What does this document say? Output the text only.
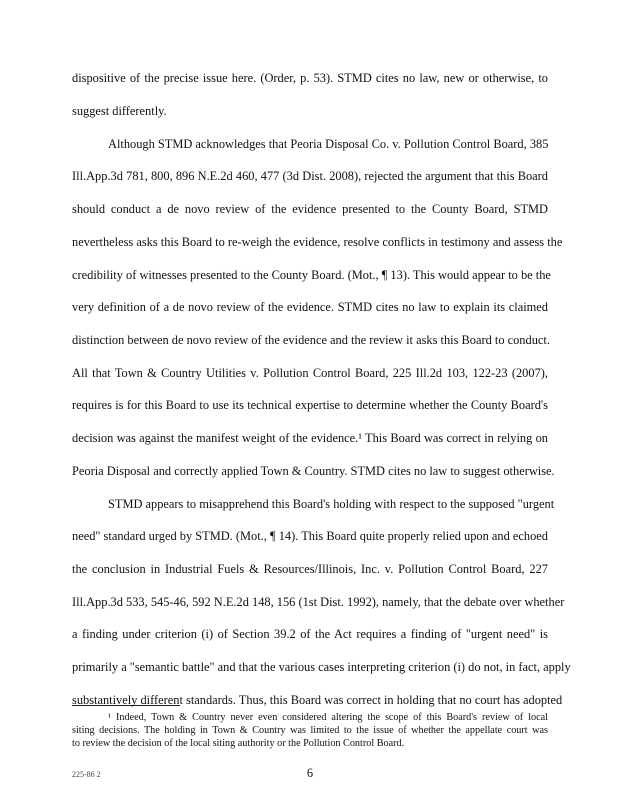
dispositive of the precise issue here. (Order, p. 53). STMD cites no law, new or otherwise, to
suggest differently.
Although STMD acknowledges that Peoria Disposal Co. v. Pollution Control Board, 385
Ill.App.3d 781, 800, 896 N.E.2d 460, 477 (3d Dist. 2008), rejected the argument that this Board
should conduct a de novo review of the evidence presented to the County Board, STMD
nevertheless asks this Board to re-weigh the evidence, resolve conflicts in testimony and assess the
credibility of witnesses presented to the County Board. (Mot., ¶ 13). This would appear to be the
very definition of a de novo review of the evidence. STMD cites no law to explain its claimed
distinction between de novo review of the evidence and the review it asks this Board to conduct.
All that Town & Country Utilities v. Pollution Control Board, 225 Ill.2d 103, 122-23 (2007),
requires is for this Board to use its technical expertise to determine whether the County Board's
decision was against the manifest weight of the evidence.¹ This Board was correct in relying on
Peoria Disposal and correctly applied Town & Country. STMD cites no law to suggest otherwise.
STMD appears to misapprehend this Board's holding with respect to the supposed "urgent
need" standard urged by STMD. (Mot., ¶ 14). This Board quite properly relied upon and echoed
the conclusion in Industrial Fuels & Resources/Illinois, Inc. v. Pollution Control Board, 227
Ill.App.3d 533, 545-46, 592 N.E.2d 148, 156 (1st Dist. 1992), namely, that the debate over whether
a finding under criterion (i) of Section 39.2 of the Act requires a finding of "urgent need" is
primarily a "semantic battle" and that the various cases interpreting criterion (i) do not, in fact, apply
substantively different standards. Thus, this Board was correct in holding that no court has adopted
¹ Indeed, Town & Country never even considered altering the scope of this Board's review of local
siting decisions. The holding in Town & Country was limited to the issue of whether the appellate court was
to review the decision of the local siting authority or the Pollution Control Board.
225-86 2	6
